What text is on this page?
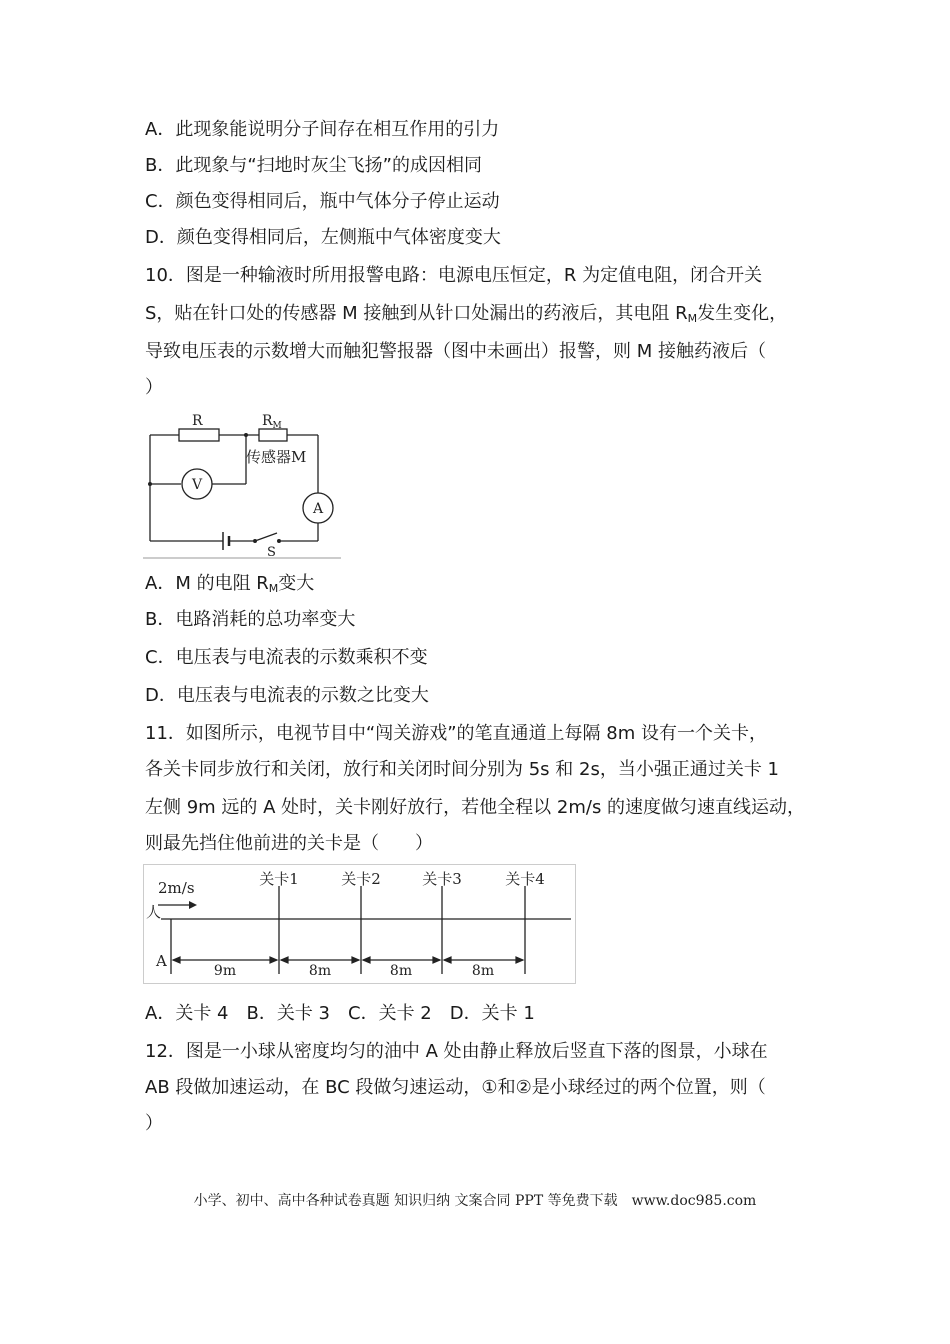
A．此现象能说明分子间存在相互作用的引力
B．此现象与“扫地时灰尘飞扬”的成因相同
C．颜色变得相同后，瓶中气体分子停止运动
D．颜色变得相同后，左侧瓶中气体密度变大
10．图是一种输液时所用报警电路：电源电压恒定，R 为定值电阻，闭合开关
S，贴在针口处的传感器 M 接触到从针口处漏出的药液后，其电阻 $R_M$发生变化，
导致电压表的示数增大而触犯警报器（图中未画出）报警，则 M 接触药液后（
）
R	$R_M$
传感器M
V
A
S
A．M 的电阻 $R_M$变大
B．电路消耗的总功率变大
C．电压表与电流表的示数乘积不变
D．电压表与电流表的示数之比变大
11．如图所示，电视节目中“闯关游戏”的笔直通道上每隔 8m 设有一个关卡，
各关卡同步放行和关闭，放行和关闭时间分别为 5s 和 2s，当小强正通过关卡 1
左侧 9m 远的 A 处时，关卡刚好放行，若他全程以 2m/s 的速度做匀速直线运动，
则最先挡住他前进的关卡是（　　）
2m/s
人
A
关卡1	关卡2	关卡3	关卡4
9m	8m	8m	8m
A．关卡 4　B．关卡 3　C．关卡 2　D．关卡 1
12．图是一小球从密度均匀的油中 A 处由静止释放后竖直下落的图景，小球在
AB 段做加速运动，在 BC 段做匀速运动，①和②是小球经过的两个位置，则（
）
小学、初中、高中各种试卷真题 知识归纳 文案合同 PPT 等免费下载　www.doc985.com
